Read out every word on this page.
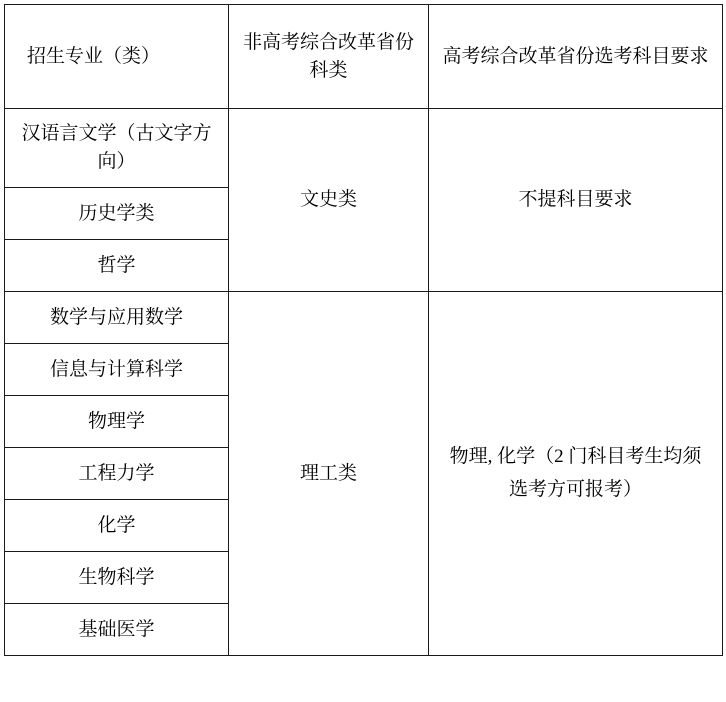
招生专业（类）	非高考综合改革省份科类	高考综合改革省份选考科目要求
汉语言文学（古文字方向）	文史类	不提科目要求
历史学类		
哲学		
数学与应用数学	理工类	物理, 化学（2 门科目考生均须选考方可报考）
信息与计算科学		
物理学		
工程力学		
化学		
生物科学		
基础医学		
